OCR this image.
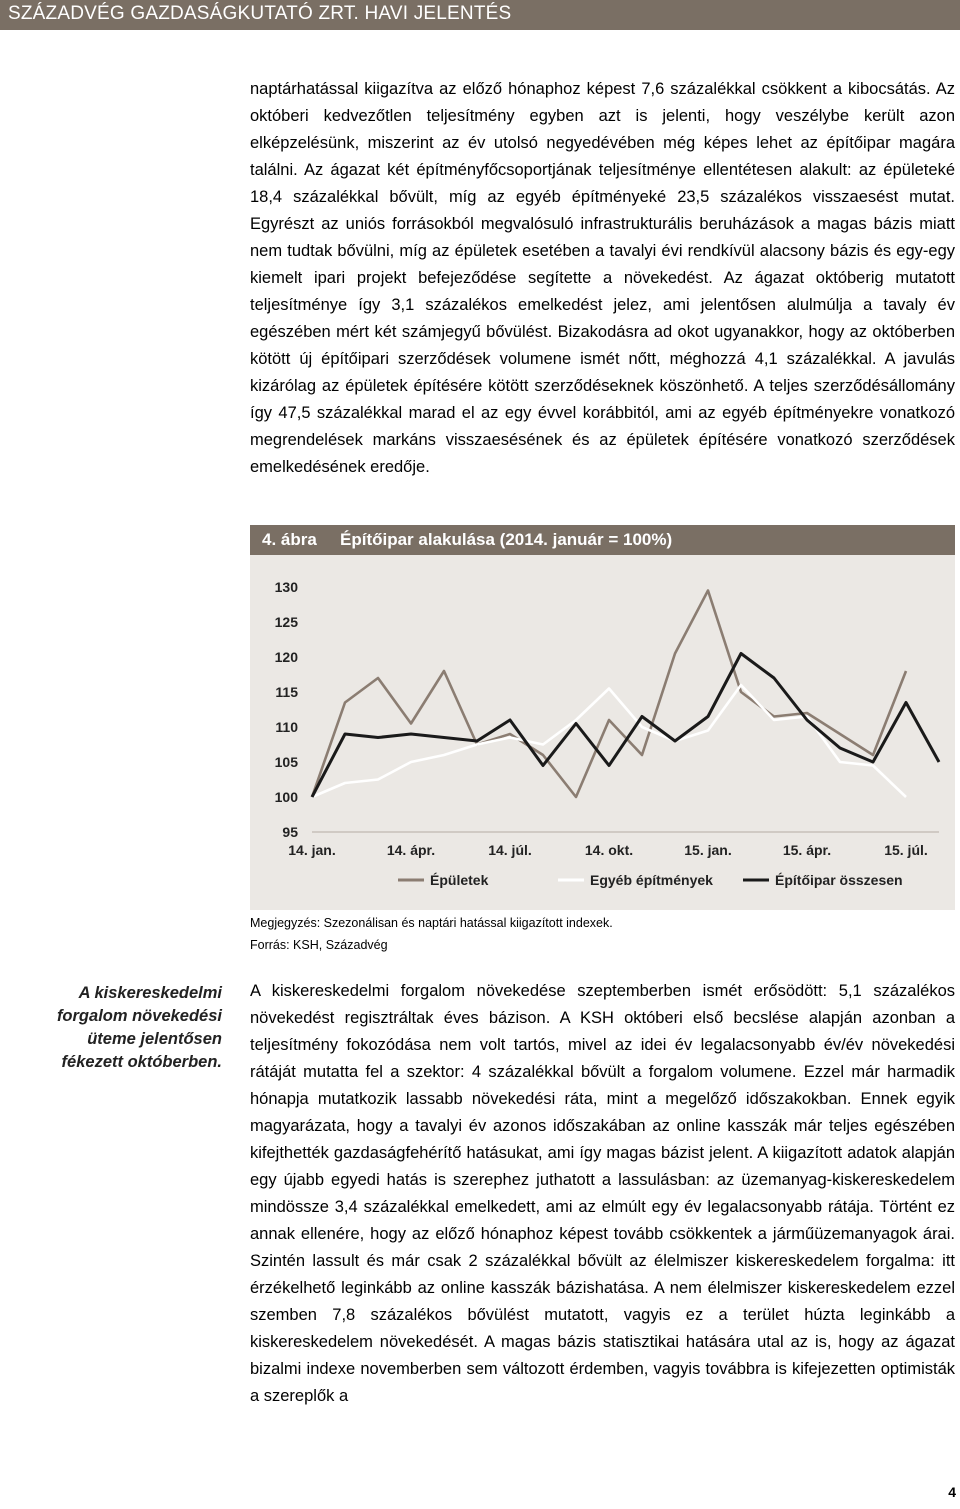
SZÁZADVÉG GAZDASÁGKUTATÓ ZRT. HAVI JELENTÉS

naptárhatással kiigazítva az előző hónaphoz képest 7,6 százalékkal csökkent a kibocsátás. Az októberi kedvezőtlen teljesítmény egyben azt is jelenti, hogy veszélybe került azon elképzelésünk, miszerint az év utolsó negyedévében még képes lehet az építőipar magára találni. Az ágazat két építményfőcsoportjának teljesítménye ellentétesen alakult: az épületeké 18,4 százalékkal bővült, míg az egyéb építményeké 23,5 százalékos visszaesést mutat. Egyrészt az uniós forrásokból megvalósuló infrastrukturális beruházások a magas bázis miatt nem tudtak bővülni, míg az épületek esetében a tavalyi évi rendkívül alacsony bázis és egy-egy kiemelt ipari projekt befejeződése segítette a növekedést. Az ágazat októberig mutatott teljesítménye így 3,1 százalékos emelkedést jelez, ami jelentősen alulmúlja a tavaly év egészében mért két számjegyű bővülést. Bizakodásra ad okot ugyanakkor, hogy az októberben kötött új építőipari szerződések volumene ismét nőtt, méghozzá 4,1 százalékkal. A javulás kizárólag az épületek építésére kötött szerződéseknek köszönhető. A teljes szerződésállomány így 47,5 százalékkal marad el az egy évvel korábbitól, ami az egyéb építményekre vonatkozó megrendelések markáns visszaesésének és az épületek építésére vonatkozó szerződések emelkedésének eredője.

4. ábra Építőipar alakulása (2014. január = 100%)
95
100
105
110
115
120
125
130
14. jan.	14. ápr.	14. júl.	14. okt.	15. jan.	15. ápr.	15. júl.
Épületek	Egyéb építmények	Építőipar összesen
Megjegyzés: Szezonálisan és naptári hatással kiigazított indexek.
Forrás: KSH, Századvég
A kiskereskedelmi forgalom növekedési üteme jelentősen fékezett októberben.

A kiskereskedelmi forgalom növekedése szeptemberben ismét erősödött: 5,1 százalékos növekedést regisztráltak éves bázison. A KSH októberi első becslése alapján azonban a teljesítmény fokozódása nem volt tartós, mivel az idei év legalacsonyabb év/év növekedési rátáját mutatta fel a szektor: 4 százalékkal bővült a forgalom volumene. Ezzel már harmadik hónapja mutatkozik lassabb növekedési ráta, mint a megelőző időszakokban. Ennek egyik magyarázata, hogy a tavalyi év azonos időszakában az online kasszák már teljes egészében kifejthették gazdaságfehérítő hatásukat, ami így magas bázist jelent. A kiigazított adatok alapján egy újabb egyedi hatás is szerephez juthatott a lassulásban: az üzemanyag-kiskereskedelem mindössze 3,4 százalékkal emelkedett, ami az elmúlt egy év legalacsonyabb rátája. Történt ez annak ellenére, hogy az előző hónaphoz képest tovább csökkentek a járműüzemanyagok árai. Szintén lassult és már csak 2 százalékkal bővült az élelmiszer kiskereskedelem forgalma: itt érzékelhető leginkább az online kasszák bázishatása. A nem élelmiszer kiskereskedelem ezzel szemben 7,8 százalékos bővülést mutatott, vagyis ez a terület húzta leginkább a kiskereskedelem növekedését. A magas bázis statisztikai hatására utal az is, hogy az ágazat bizalmi indexe novemberben sem változott érdemben, vagyis továbbra is kifejezetten optimisták a szereplők a

4
